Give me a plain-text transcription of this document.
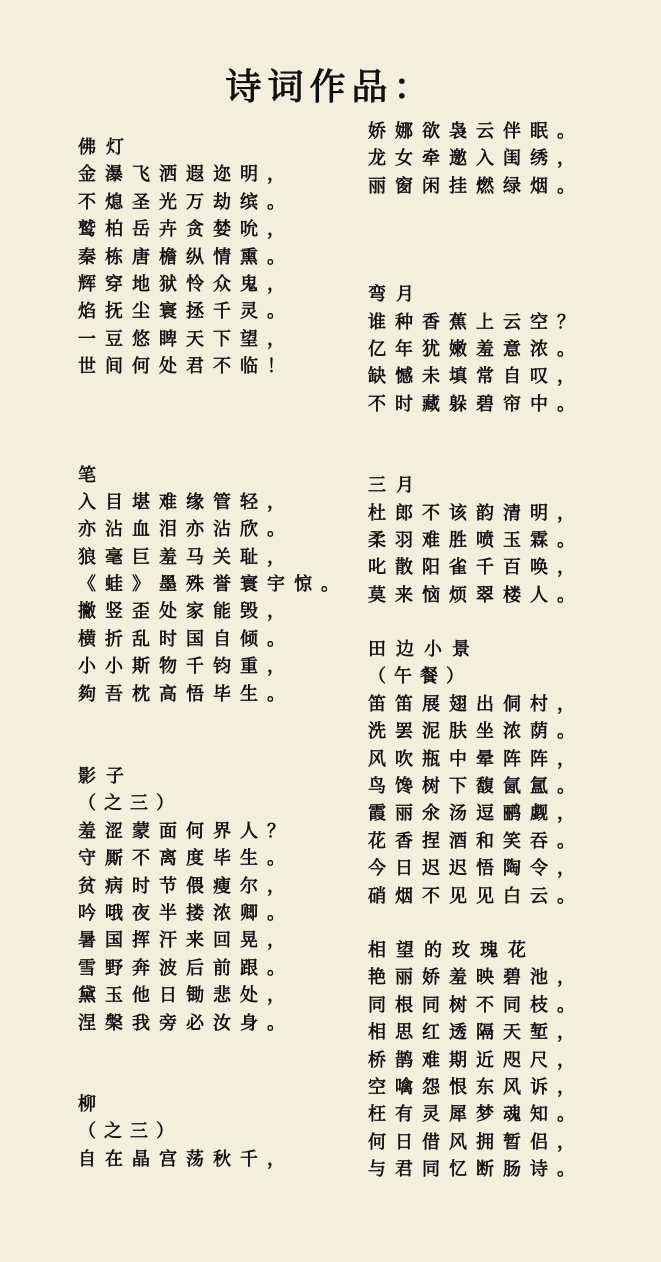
诗词作品：
佛灯
金瀑飞洒遐迩明，
不熄圣光万劫缤。
鹫柏岳卉贪婪吮，
秦栋唐檐纵情熏。
辉穿地狱怜众鬼，
焰抚尘寰拯千灵。
一豆悠睥天下望，
世间何处君不临！
笔
入目堪难缘管轻，
亦沾血泪亦沾欣。
狼毫巨羞马关耻，
《蛙》墨殊誉寰宇惊。
撇竖歪处家能毁，
横折乱时国自倾。
小小斯物千钧重，
夠吾枕高悟毕生。
影子
（之三）
羞涩蒙面何界人？
守厮不离度毕生。
贫病时节偎瘦尔，
吟哦夜半搂浓卿。
暑国挥汗来回晃，
雪野奔波后前跟。
黛玉他日锄悲处，
涅槃我旁必汝身。
柳
（之三）
自在晶宫荡秋千，
娇娜欲袅云伴眠。
龙女牵邀入闺绣，
丽窗闲挂燃绿烟。
弯月
谁种香蕉上云空？
亿年犹嫩羞意浓。
缺憾未填常自叹，
不时藏躲碧帘中。
三月
杜郎不该韵清明，
柔羽难胜喷玉霖。
叱散阳雀千百唤，
莫来恼烦翠楼人。
田边小景
（午餐）
笛笛展翅出侗村，
洗罢泥肤坐浓荫。
风吹瓶中晕阵阵，
鸟馋树下馥氤氲。
霞丽氽汤逗鹂觑，
花香捏酒和笑吞。
今日迟迟悟陶令，
硝烟不见见白云。
相望的玫瑰花
艳丽娇羞映碧池，
同根同树不同枝。
相思红透隔天堑，
桥鹊难期近咫尺，
空噙怨恨东风诉，
枉有灵犀梦魂知。
何日借风拥暂侣，
与君同忆断肠诗。
